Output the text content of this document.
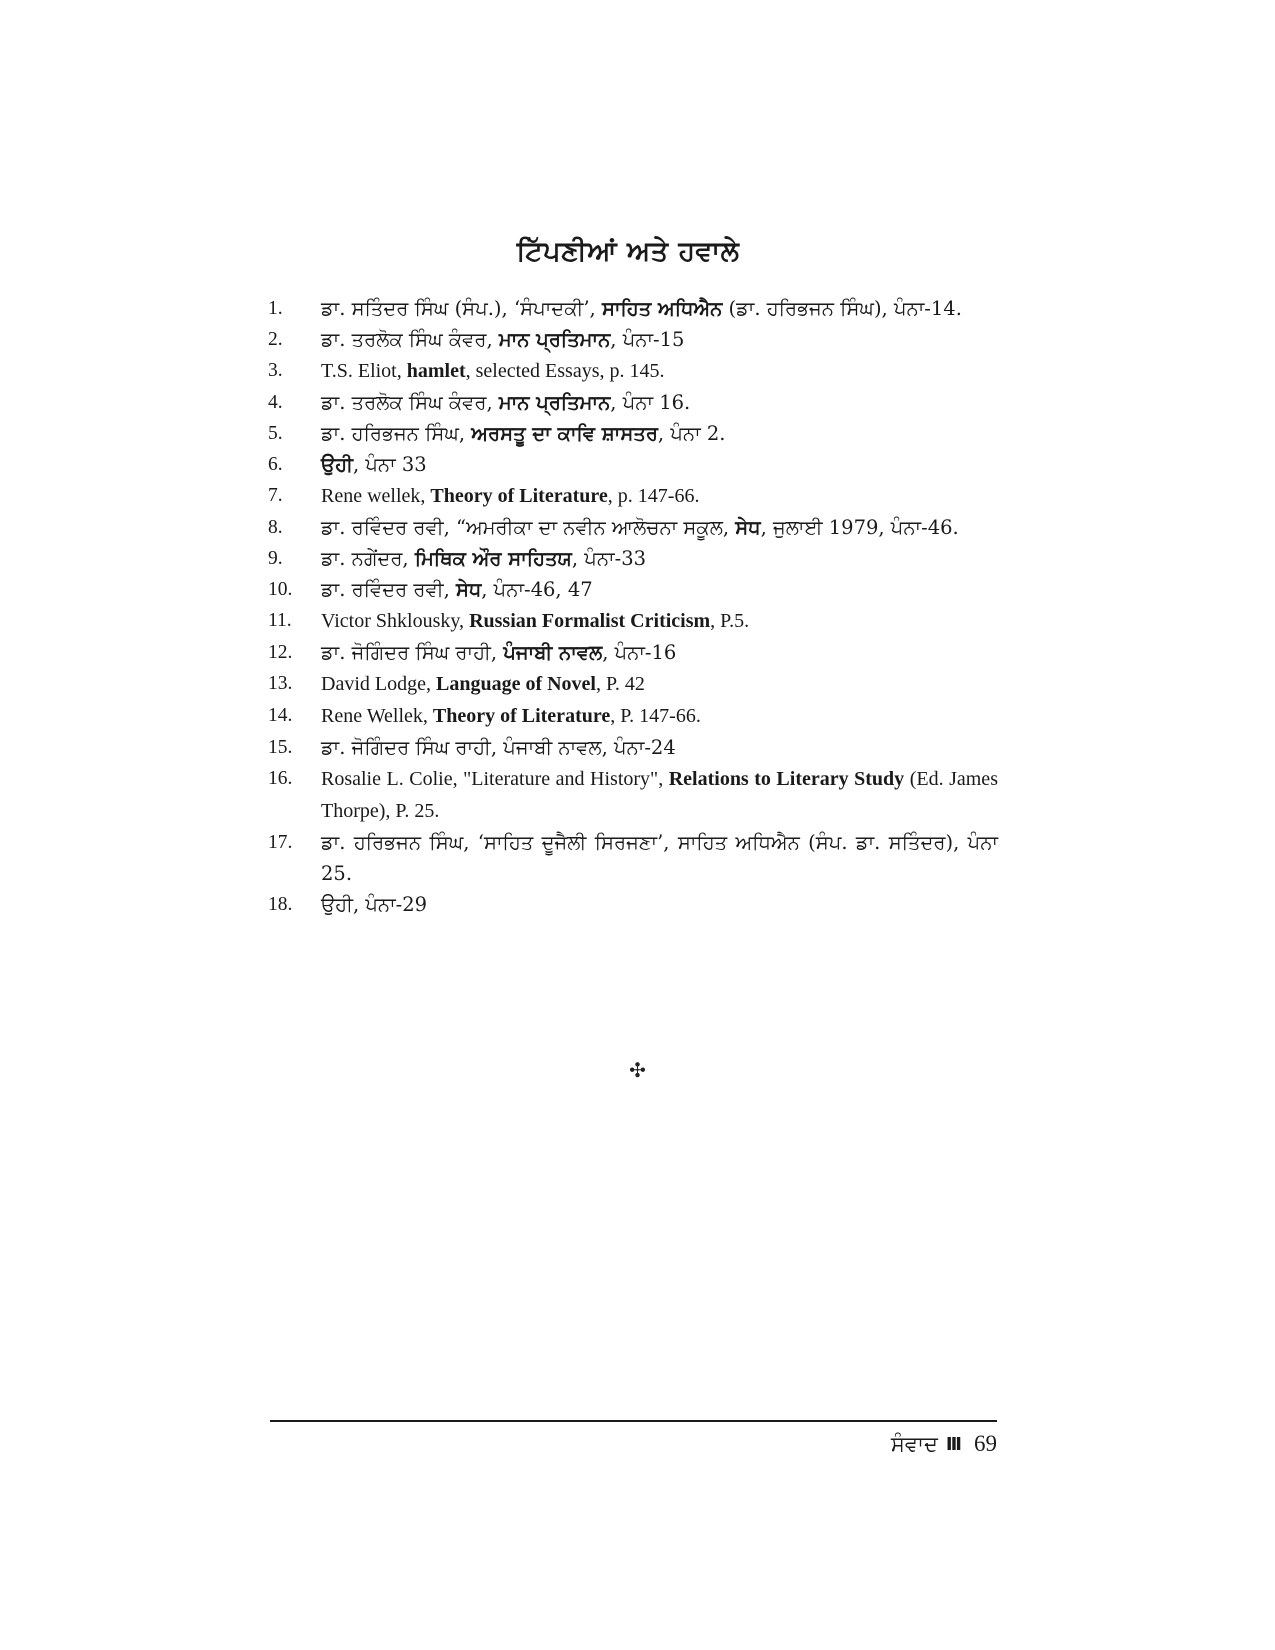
ਟਿੱਪਣੀਆਂ ਅਤੇ ਹਵਾਲੇ
1.	ਡਾ. ਸਤਿੰਦਰ ਸਿੰਘ (ਸੰਪ.), ‘ਸੰਪਾਦਕੀ’, ਸਾਹਿਤ ਅਧਿਐਨ (ਡਾ. ਹਰਿਭਜਨ ਸਿੰਘ), ਪੰਨਾ-14.
2.	ਡਾ. ਤਰਲੋਕ ਸਿੰਘ ਕੰਵਰ, ਮਾਨ ਪ੍ਰਤਿਮਾਨ, ਪੰਨਾ-15
3.	T.S. Eliot, hamlet, selected Essays, p. 145.
4.	ਡਾ. ਤਰਲੋਕ ਸਿੰਘ ਕੰਵਰ, ਮਾਨ ਪ੍ਰਤਿਮਾਨ, ਪੰਨਾ 16.
5.	ਡਾ. ਹਰਿਭਜਨ ਸਿੰਘ, ਅਰਸਤੂ ਦਾ ਕਾਵਿ ਸ਼ਾਸਤਰ, ਪੰਨਾ 2.
6.	ਉਹੀ, ਪੰਨਾ 33
7.	Rene wellek, Theory of Literature, p. 147-66.
8.	ਡਾ. ਰਵਿੰਦਰ ਰਵੀ, “ਅਮਰੀਕਾ ਦਾ ਨਵੀਨ ਆਲੋਚਨਾ ਸਕੂਲ, ਸੇਧ, ਜੁਲਾਈ 1979, ਪੰਨਾ-46.
9.	ਡਾ. ਨਗੇਂਦਰ, ਮਿਥਿਕ ਔਰ ਸਾਹਿਤਯ, ਪੰਨਾ-33
10.	ਡਾ. ਰਵਿੰਦਰ ਰਵੀ, ਸੇਧ, ਪੰਨਾ-46, 47
11.	Victor Shklousky, Russian Formalist Criticism, P.5.
12.	ਡਾ. ਜੋਗਿੰਦਰ ਸਿੰਘ ਰਾਹੀ, ਪੰਜਾਬੀ ਨਾਵਲ, ਪੰਨਾ-16
13.	David Lodge, Language of Novel, P. 42
14.	Rene Wellek, Theory of Literature, P. 147-66.
15.	ਡਾ. ਜੋਗਿੰਦਰ ਸਿੰਘ ਰਾਹੀ, ਪੰਜਾਬੀ ਨਾਵਲ, ਪੰਨਾ-24
16.	Rosalie L. Colie, "Literature and History", Relations to Literary Study (Ed. James Thorpe), P. 25.
17.	ਡਾ. ਹਰਿਭਜਨ ਸਿੰਘ, ‘ਸਾਹਿਤ ਦੂਜੈਲੀ ਸਿਰਜਣਾ’, ਸਾਹਿਤ ਅਧਿਐਨ (ਸੰਪ. ਡਾ. ਸਤਿੰਦਰ), ਪੰਨਾ 25.
18.	ਉਹੀ, ਪੰਨਾ-29
✣
ਸੰਵਾਦ III 69
